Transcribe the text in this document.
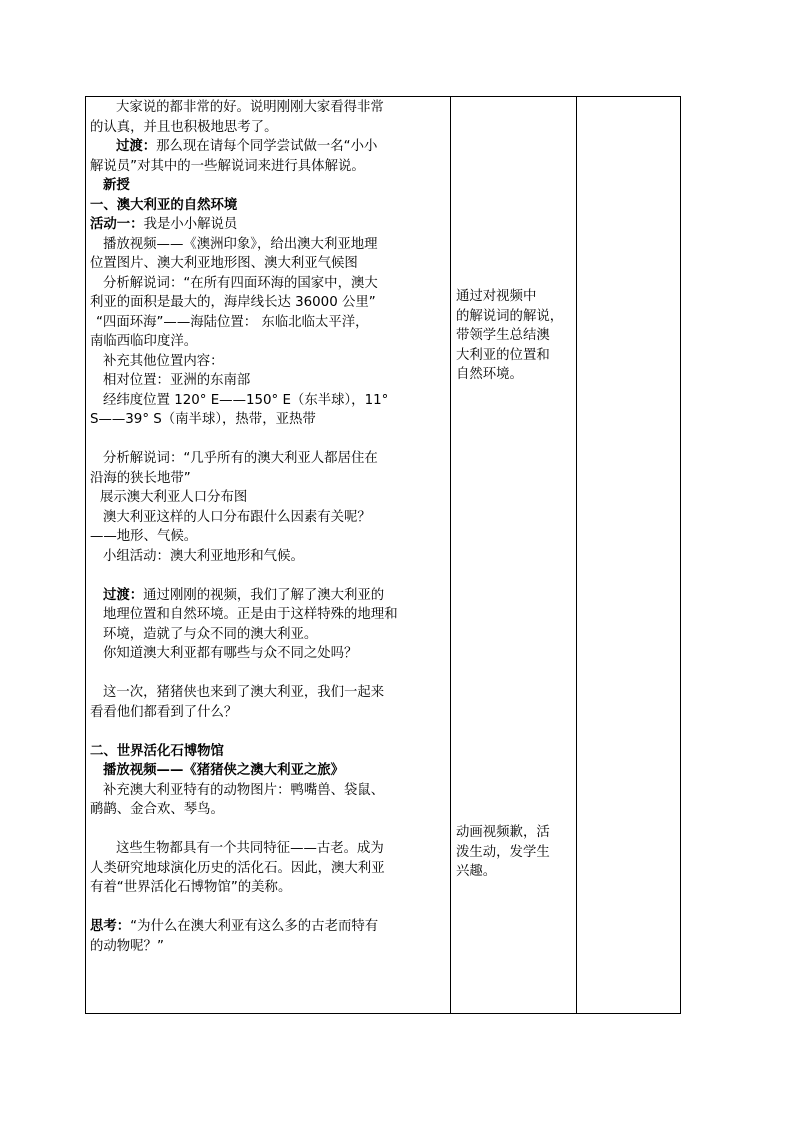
大家说的都非常的好。说明刚刚大家看得非常
的认真，并且也积极地思考了。
过渡：那么现在请每个同学尝试做一名“小小
解说员”对其中的一些解说词来进行具体解说。
新授
一、澳大利亚的自然环境
活动一：我是小小解说员
播放视频——《澳洲印象》，给出澳大利亚地理
位置图片、澳大利亚地形图、澳大利亚气候图
分析解说词：“在所有四面环海的国家中，澳大
利亚的面积是最大的，海岸线长达 36000 公里”
“四面环海”——海陆位置： 东临北临太平洋，
南临西临印度洋。
补充其他位置内容：
相对位置：亚洲的东南部
经纬度位置 120° E——150° E（东半球），11°
S——39° S（南半球），热带，亚热带
分析解说词：“几乎所有的澳大利亚人都居住在
沿海的狭长地带”
展示澳大利亚人口分布图
澳大利亚这样的人口分布跟什么因素有关呢？
——地形、气候。
小组活动：澳大利亚地形和气候。
过渡：通过刚刚的视频，我们了解了澳大利亚的
地理位置和自然环境。正是由于这样特殊的地理和
环境，造就了与众不同的澳大利亚。
你知道澳大利亚都有哪些与众不同之处吗？
这一次，猪猪侠也来到了澳大利亚，我们一起来
看看他们都看到了什么？
二、世界活化石博物馆
播放视频——《猪猪侠之澳大利亚之旅》
补充澳大利亚特有的动物图片：鸭嘴兽、袋鼠、
鸸鹋、金合欢、琴鸟。
这些生物都具有一个共同特征——古老。成为
人类研究地球演化历史的活化石。因此，澳大利亚
有着“世界活化石博物馆”的美称。
思考：“为什么在澳大利亚有这么多的古老而特有
的动物呢？”
通过对视频中
的解说词的解说，
带领学生总结澳
大利亚的位置和
自然环境。
动画视频歉，活
泼生动，发学生
兴趣。
